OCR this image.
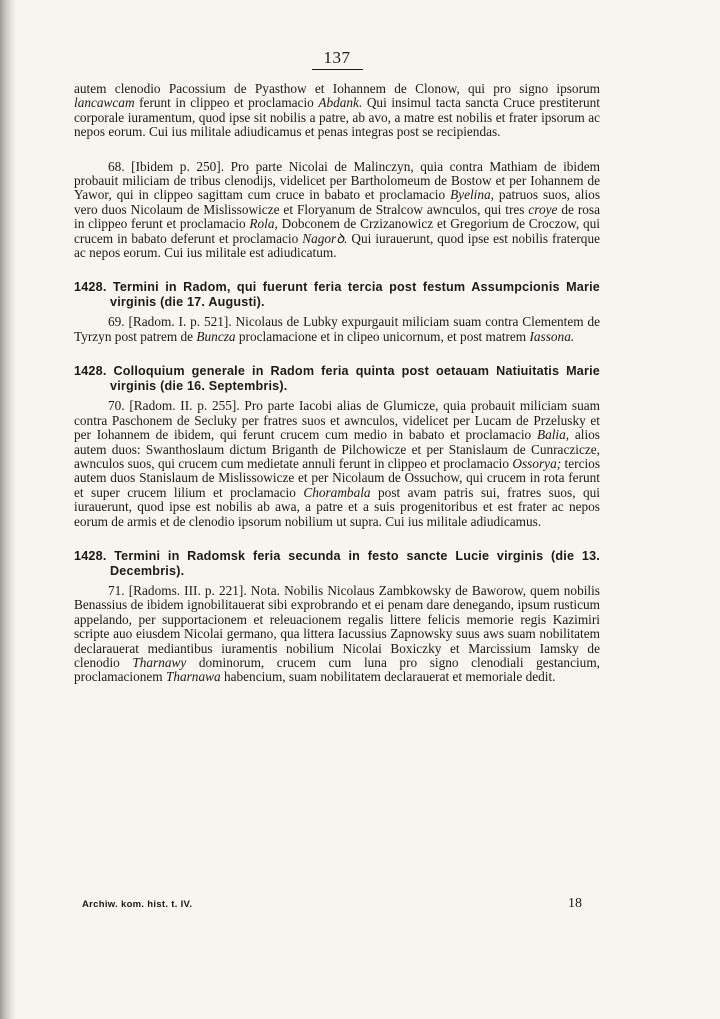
137

autem clenodio Pacossium de Pyasthow et Iohannem de Clonow, qui pro signo ipsorum lancawcam ferunt in clippeo et proclamacio Abdank. Qui insimul tacta sancta Cruce prestiterunt corporale iuramentum, quod ipse sit nobilis a patre, ab avo, a matre est nobilis et frater ipsorum ac nepos eorum. Cui ius militale adiudicamus et penas integras post se recipiendas.

68. [Ibidem p. 250]. Pro parte Nicolai de Malinczyn, quia contra Mathiam de ibidem probauit miliciam de tribus clenodijs, videlicet per Bartholomeum de Bostow et per Iohannem de Yawor, qui in clippeo sagittam cum cruce in babato et proclamacio Byelina, patruos suos, alios vero duos Nicolaum de Mislissowicze et Floryanum de Stralcow awnculos, qui tres croye de rosa in clippeo ferunt et proclamacio Rola, Dobconem de Crzizanowicz et Gregorium de Croczow, qui crucem in babato deferunt et proclamacio Nagorꝺ. Qui iurauerunt, quod ipse est nobilis fraterque ac nepos eorum. Cui ius militale est adiudicatum.

1428. Termini in Radom, qui fuerunt feria tercia post festum Assumpcionis Marie virginis (die 17. Augusti).

69. [Radom. I. p. 521]. Nicolaus de Lubky expurgauit miliciam suam contra Clementem de Tyrzyn post patrem de Buncza proclamacione et in clipeo unicornum, et post matrem Iassona.

1428. Colloquium generale in Radom feria quinta post oetauam Natiuitatis Marie virginis (die 16. Septembris).

70. [Radom. II. p. 255]. Pro parte Iacobi alias de Glumicze, quia probauit miliciam suam contra Paschonem de Secluky per fratres suos et awnculos, videlicet per Lucam de Przelusky et per Iohannem de ibidem, qui ferunt crucem cum medio in babato et proclamacio Balia, alios autem duos: Swanthoslaum dictum Briganth de Pilchowicze et per Stanislaum de Cunraczicze, awnculos suos, qui crucem cum medietate annuli ferunt in clippeo et proclamacio Ossorya; tercios autem duos Stanislaum de Mislissowicze et per Nicolaum de Ossuchow, qui crucem in rota ferunt et super crucem lilium et proclamacio Chorambala post avam patris sui, fratres suos, qui iurauerunt, quod ipse est nobilis ab awa, a patre et a suis progenitoribus et est frater ac nepos eorum de armis et de clenodio ipsorum nobilium ut supra. Cui ius militale adiudicamus.

1428. Termini in Radomsk feria secunda in festo sancte Lucie virginis (die 13. Decembris).

71. [Radoms. III. p. 221]. Nota. Nobilis Nicolaus Zambkowsky de Baworow, quem nobilis Benassius de ibidem ignobilitauerat sibi exprobrando et ei penam dare denegando, ipsum rusticum appelando, per supportacionem et releuacionem regalis littere felicis memorie regis Kazimiri scripte auo eiusdem Nicolai germano, qua littera Iacussius Zapnowsky suus aws suam nobilitatem declarauerat mediantibus iuramentis nobilium Nicolai Boxiczky et Marcissium Iamsky de clenodio Tharnawy dominorum, crucem cum luna pro signo clenodiali gestancium, proclamacionem Tharnawa habencium, suam nobilitatem declarauerat et memoriale dedit.

Archiw. kom. hist. t. IV.	18
